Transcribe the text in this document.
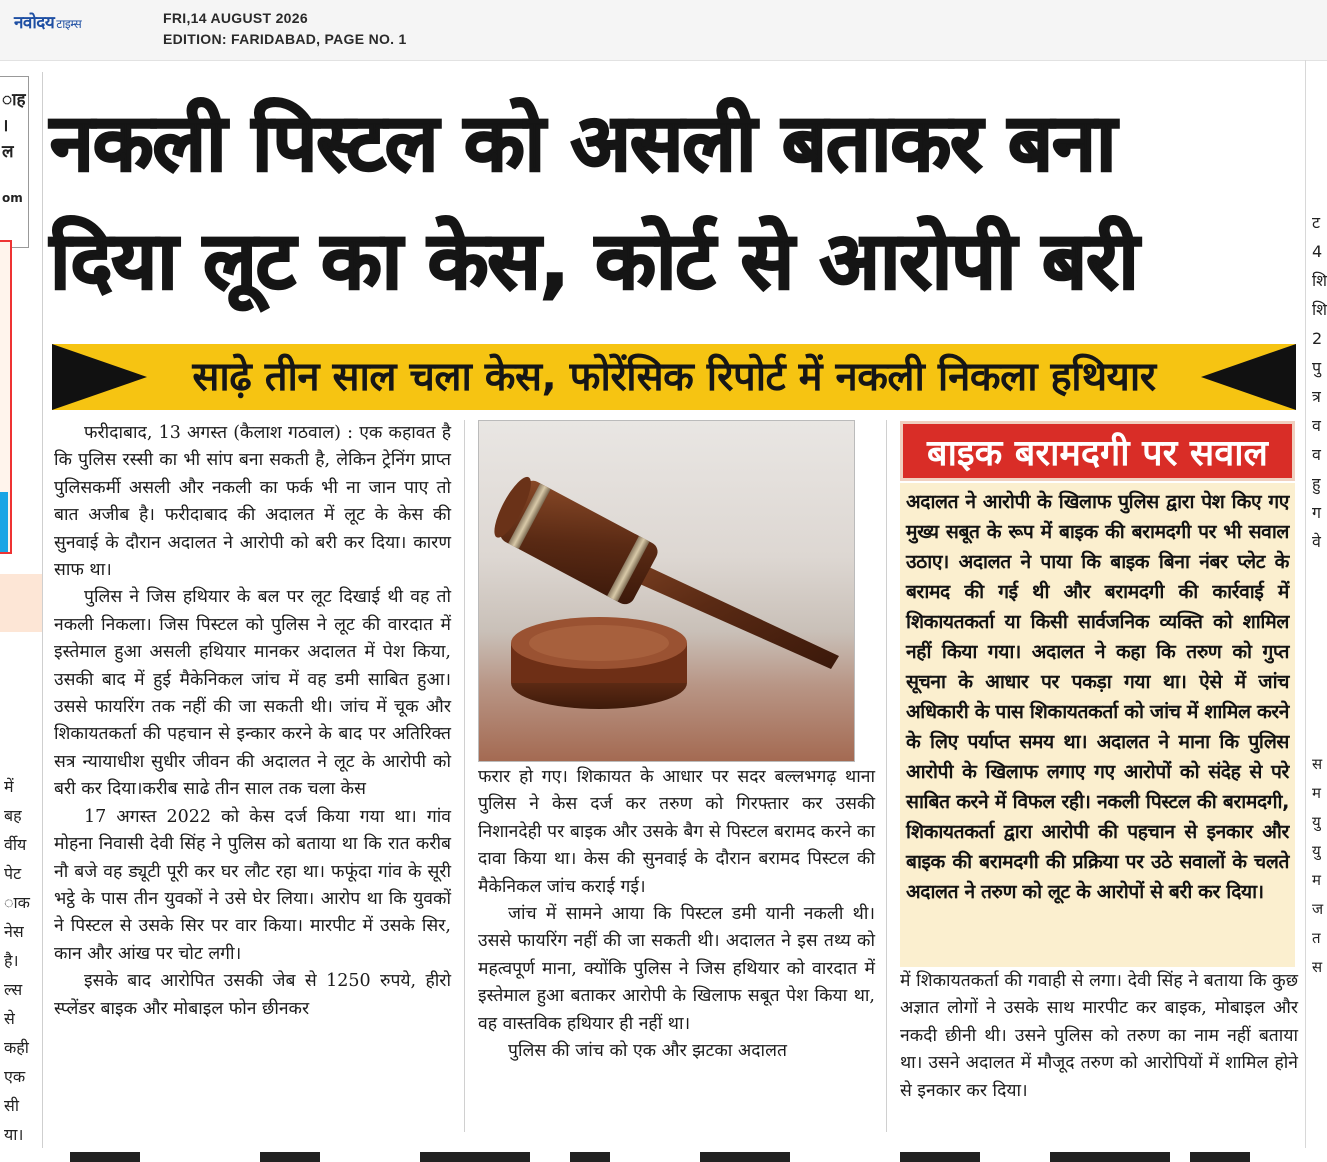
नवोदय टाइम्स	FRI,14 AUGUST 2026
EDITION: FARIDABAD, PAGE NO. 1
ाह
।
ल
om
में
बह
र्वीय
पेट
ाक
नेस
है।
ल्स
से
कही
एक
सी
या।
ट
4
शि
शि
2
पु
त्र
व
व
हु
ग
वे
स
म
यु
यु
म
ज
त
स
नकली पिस्टल को असली बताकर बना
दिया लूट का केस, कोर्ट से आरोपी बरी
साढ़े तीन साल चला केस, फोरेंसिक रिपोर्ट में नकली निकला हथियार

फरीदाबाद, 13 अगस्त (कैलाश गठवाल) : एक कहावत है कि पुलिस रस्सी का भी सांप बना सकती है, लेकिन ट्रेनिंग प्राप्त पुलिसकर्मी असली और नकली का फर्क भी ना जान पाए तो बात अजीब है। फरीदाबाद की अदालत में लूट के केस की सुनवाई के दौरान अदालत ने आरोपी को बरी कर दिया। कारण साफ था।

पुलिस ने जिस हथियार के बल पर लूट दिखाई थी वह तो नकली निकला। जिस पिस्टल को पुलिस ने लूट की वारदात में इस्तेमाल हुआ असली हथियार मानकर अदालत में पेश किया, उसकी बाद में हुई मैकेनिकल जांच में वह डमी साबित हुआ। उससे फायरिंग तक नहीं की जा सकती थी। जांच में चूक और शिकायतकर्ता की पहचान से इन्कार करने के बाद पर अतिरिक्त सत्र न्यायाधीश सुधीर जीवन की अदालत ने लूट के आरोपी को बरी कर दिया।करीब साढे तीन साल तक चला केस

17 अगस्त 2022 को केस दर्ज किया गया था। गांव मोहना निवासी देवी सिंह ने पुलिस को बताया था कि रात करीब नौ बजे वह ड्यूटी पूरी कर घर लौट रहा था। फफूंदा गांव के सूरी भट्ठे के पास तीन युवकों ने उसे घेर लिया। आरोप था कि युवकों ने पिस्टल से उसके सिर पर वार किया। मारपीट में उसके सिर, कान और आंख पर चोट लगी।

इसके बाद आरोपित उसकी जेब से 1250 रुपये, हीरो स्प्लेंडर बाइक और मोबाइल फोन छीनकर

फरार हो गए। शिकायत के आधार पर सदर बल्लभगढ़ थाना पुलिस ने केस दर्ज कर तरुण को गिरफ्तार कर उसकी निशानदेही पर बाइक और उसके बैग से पिस्टल बरामद करने का दावा किया था। केस की सुनवाई के दौरान बरामद पिस्टल की मैकेनिकल जांच कराई गई।

जांच में सामने आया कि पिस्टल डमी यानी नकली थी। उससे फायरिंग नहीं की जा सकती थी। अदालत ने इस तथ्य को महत्वपूर्ण माना, क्योंकि पुलिस ने जिस हथियार को वारदात में इस्तेमाल हुआ बताकर आरोपी के खिलाफ सबूत पेश किया था, वह वास्तविक हथियार ही नहीं था।

पुलिस की जांच को एक और झटका अदालत

बाइक बरामदगी पर सवाल

अदालत ने आरोपी के खिलाफ पुलिस द्वारा पेश किए गए मुख्य सबूत के रूप में बाइक की बरामदगी पर भी सवाल उठाए। अदालत ने पाया कि बाइक बिना नंबर प्लेट के बरामद की गई थी और बरामदगी की कार्रवाई में शिकायतकर्ता या किसी सार्वजनिक व्यक्ति को शामिल नहीं किया गया। अदालत ने कहा कि तरुण को गुप्त सूचना के आधार पर पकड़ा गया था। ऐसे में जांच अधिकारी के पास शिकायतकर्ता को जांच में शामिल करने के लिए पर्याप्त समय था। अदालत ने माना कि पुलिस आरोपी के खिलाफ लगाए गए आरोपों को संदेह से परे साबित करने में विफल रही। नकली पिस्टल की बरामदगी, शिकायतकर्ता द्वारा आरोपी की पहचान से इनकार और बाइक की बरामदगी की प्रक्रिया पर उठे सवालों के चलते अदालत ने तरुण को लूट के आरोपों से बरी कर दिया।

में शिकायतकर्ता की गवाही से लगा। देवी सिंह ने बताया कि कुछ अज्ञात लोगों ने उसके साथ मारपीट कर बाइक, मोबाइल और नकदी छीनी थी। उसने पुलिस को तरुण का नाम नहीं बताया था। उसने अदालत में मौजूद तरुण को आरोपियों में शामिल होने से इनकार कर दिया।
